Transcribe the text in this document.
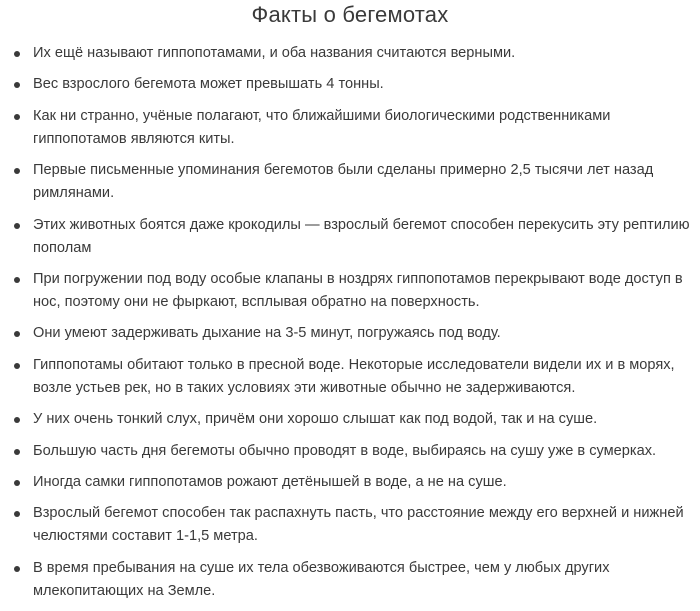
Факты о бегемотах
Их ещё называют гиппопотамами, и оба названия считаются верными.
Вес взрослого бегемота может превышать 4 тонны.
Как ни странно, учёные полагают, что ближайшими биологическими родственниками гиппопотамов являются киты.
Первые письменные упоминания бегемотов были сделаны примерно 2,5 тысячи лет назад римлянами.
Этих животных боятся даже крокодилы — взрослый бегемот способен перекусить эту рептилию пополам
При погружении под воду особые клапаны в ноздрях гиппопотамов перекрывают воде доступ в нос, поэтому они не фыркают, всплывая обратно на поверхность.
Они умеют задерживать дыхание на 3-5 минут, погружаясь под воду.
Гиппопотамы обитают только в пресной воде. Некоторые исследователи видели их и в морях, возле устьев рек, но в таких условиях эти животные обычно не задерживаются.
У них очень тонкий слух, причём они хорошо слышат как под водой, так и на суше.
Большую часть дня бегемоты обычно проводят в воде, выбираясь на сушу уже в сумерках.
Иногда самки гиппопотамов рожают детёнышей в воде, а не на суше.
Взрослый бегемот способен так распахнуть пасть, что расстояние между его верхней и нижней челюстями составит 1-1,5 метра.
В время пребывания на суше их тела обезвоживаются быстрее, чем у любых других млекопитающих на Земле.
